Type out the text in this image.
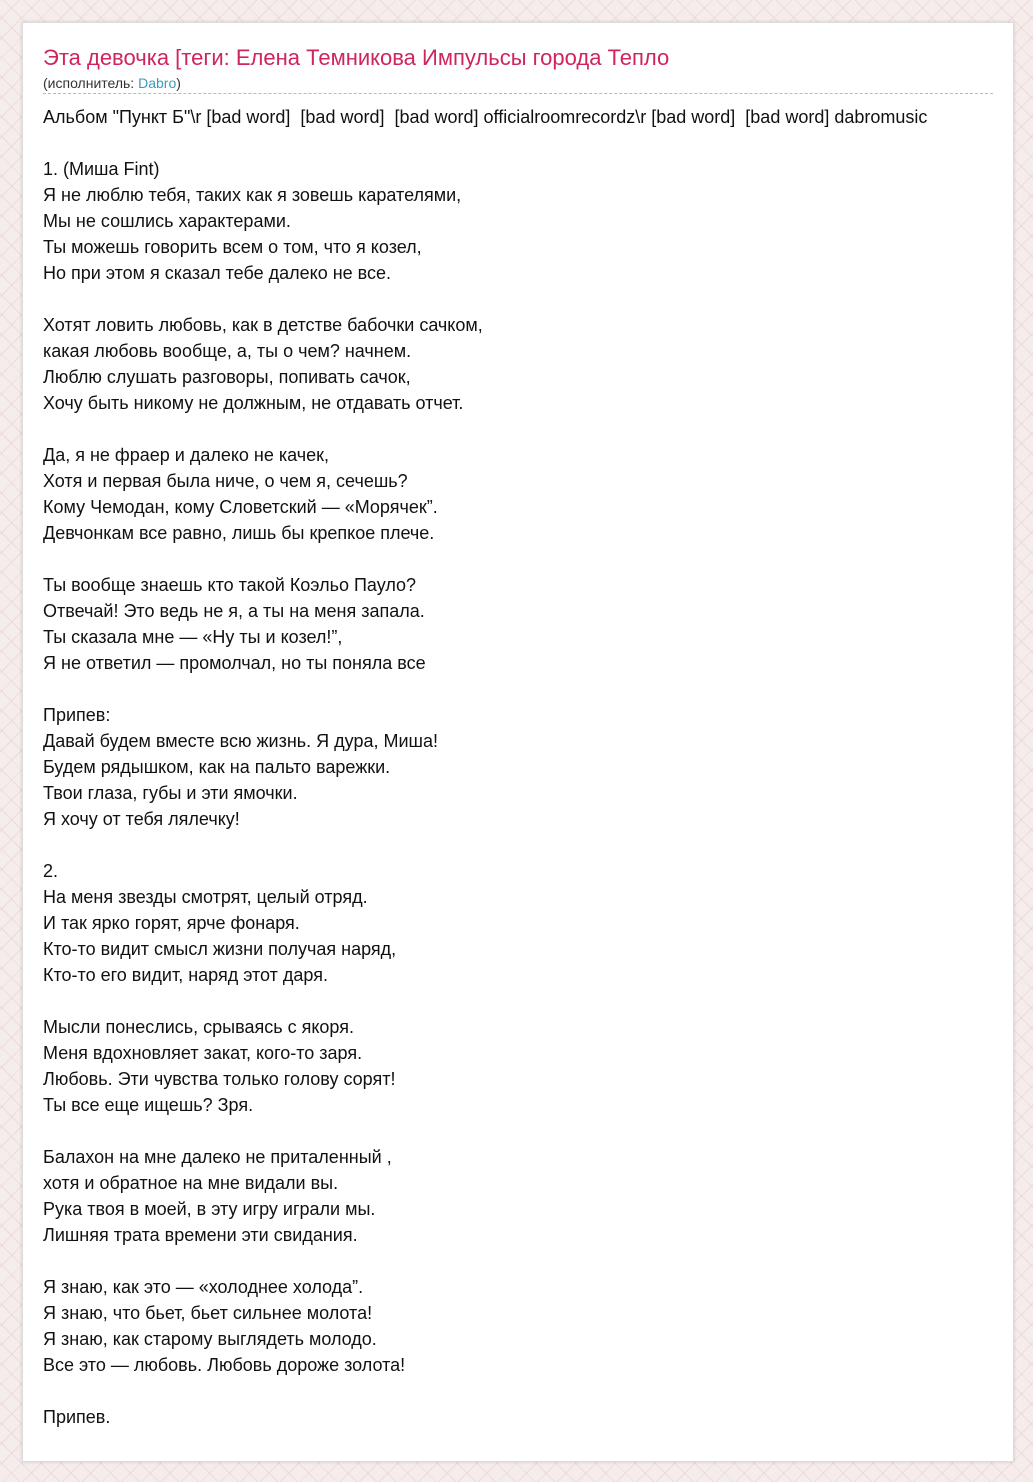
Эта девочка [теги: Елена Темникова Импульсы города Тепло
(исполнитель: Dabro)
Альбом "Пункт Б"\r [bad word]  [bad word]  [bad word] officialroomrecordz\r [bad word]  [bad word] dabromusic
1. (Миша Fint)
Я не люблю тебя, таких как я зовешь карателями,
Мы не сошлись характерами.
Ты можешь говорить всем о том, что я козел,
Но при этом я сказал тебе далеко не все.
Хотят ловить любовь, как в детстве бабочки сачком,
какая любовь вообще, а, ты о чем? начнем.
Люблю слушать разговоры, попивать сачок,
Хочу быть никому не должным, не отдавать отчет.
Да, я не фраер и далеко не качек,
Хотя и первая была ниче, о чем я, сечешь?
Кому Чемодан, кому Словетский — «Морячек”.
Девчонкам все равно, лишь бы крепкое плече.
Ты вообще знаешь кто такой Коэльо Пауло?
Отвечай! Это ведь не я, а ты на меня запала.
Ты сказала мне — «Ну ты и козел!”,
Я не ответил — промолчал, но ты поняла все
Припев:
Давай будем вместе всю жизнь. Я дура, Миша!
Будем рядышком, как на пальто варежки.
Твои глаза, губы и эти ямочки.
Я хочу от тебя лялечку!
2.
На меня звезды смотрят, целый отряд.
И так ярко горят, ярче фонаря.
Кто-то видит смысл жизни получая наряд,
Кто-то его видит, наряд этот даря.
Мысли понеслись, срываясь с якоря.
Меня вдохновляет закат, кого-то заря.
Любовь. Эти чувства только голову сорят!
Ты все еще ищешь? Зря.
Балахон на мне далеко не приталенный ,
хотя и обратное на мне видали вы.
Рука твоя в моей, в эту игру играли мы.
Лишняя трата времени эти свидания.
Я знаю, как это — «холоднее холода”.
Я знаю, что бьет, бьет сильнее молота!
Я знаю, как старому выглядеть молодо.
Все это — любовь. Любовь дороже золота!
Припев.
